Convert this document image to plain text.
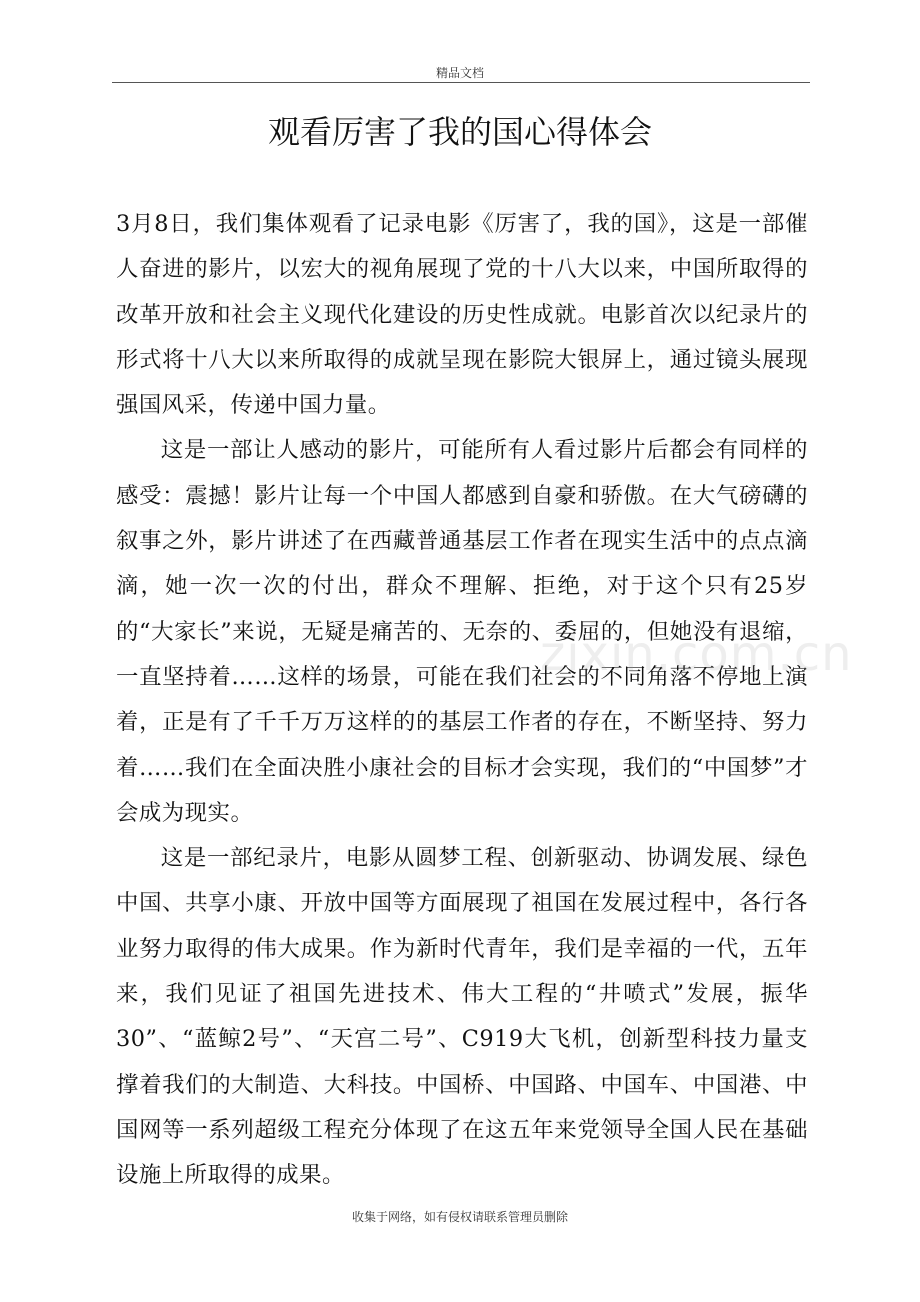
精品文档
观看厉害了我的国心得体会

3月8日，我们集体观看了记录电影《厉害了，我的国》，这是一部催人奋进的影片，以宏大的视角展现了党的十八大以来，中国所取得的改革开放和社会主义现代化建设的历史性成就。电影首次以纪录片的形式将十八大以来所取得的成就呈现在影院大银屏上，通过镜头展现强国风采，传递中国力量。

这是一部让人感动的影片，可能所有人看过影片后都会有同样的感受：震撼！影片让每一个中国人都感到自豪和骄傲。在大气磅礴的叙事之外，影片讲述了在西藏普通基层工作者在现实生活中的点点滴滴，她一次一次的付出，群众不理解、拒绝，对于这个只有25岁的“大家长”来说，无疑是痛苦的、无奈的、委屈的，但她没有退缩，一直坚持着……这样的场景，可能在我们社会的不同角落不停地上演着，正是有了千千万万这样的的基层工作者的存在，不断坚持、努力着……我们在全面决胜小康社会的目标才会实现，我们的“中国梦”才会成为现实。

这是一部纪录片，电影从圆梦工程、创新驱动、协调发展、绿色中国、共享小康、开放中国等方面展现了祖国在发展过程中，各行各业努力取得的伟大成果。作为新时代青年，我们是幸福的一代，五年来，我们见证了祖国先进技术、伟大工程的“井喷式”发展，振华30”、“蓝鲸2号”、“天宫二号”、C919大飞机，创新型科技力量支撑着我们的大制造、大科技。中国桥、中国路、中国车、中国港、中国网等一系列超级工程充分体现了在这五年来党领导全国人民在基础设施上所取得的成果。

zixin.com.cn
收集于网络，如有侵权请联系管理员删除
